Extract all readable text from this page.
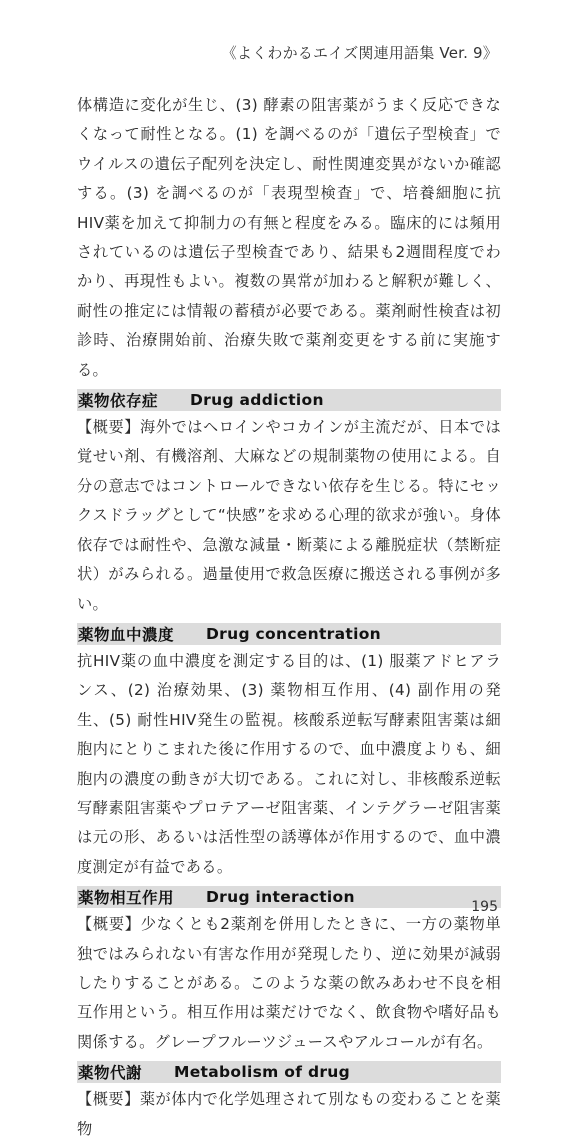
《よくわかるエイズ関連用語集 Ver. 9》

体構造に変化が生じ、(3) 酵素の阻害薬がうまく反応できなくなって耐性となる。(1) を調べるのが「遺伝子型検査」でウイルスの遺伝子配列を決定し、耐性関連変異がないか確認する。(3) を調べるのが「表現型検査」で、培養細胞に抗HIV薬を加えて抑制力の有無と程度をみる。臨床的には頻用されているのは遺伝子型検査であり、結果も2週間程度でわかり、再現性もよい。複数の異常が加わると解釈が難しく、耐性の推定には情報の蓄積が必要である。薬剤耐性検査は初診時、治療開始前、治療失敗で薬剤変更をする前に実施する。

薬物依存症 Drug addiction

【概要】海外ではヘロインやコカインが主流だが、日本では覚せい剤、有機溶剤、大麻などの規制薬物の使用による。自分の意志ではコントロールできない依存を生じる。特にセックスドラッグとして“快感”を求める心理的欲求が強い。身体依存では耐性や、急激な減量・断薬による離脱症状（禁断症状）がみられる。過量使用で救急医療に搬送される事例が多い。

薬物血中濃度 Drug concentration

抗HIV薬の血中濃度を測定する目的は、(1) 服薬アドヒアランス、(2) 治療効果、(3) 薬物相互作用、(4) 副作用の発生、(5) 耐性HIV発生の監視。核酸系逆転写酵素阻害薬は細胞内にとりこまれた後に作用するので、血中濃度よりも、細胞内の濃度の動きが大切である。これに対し、非核酸系逆転写酵素阻害薬やプロテアーゼ阻害薬、インテグラーゼ阻害薬は元の形、あるいは活性型の誘導体が作用するので、血中濃度測定が有益である。

薬物相互作用 Drug interaction

【概要】少なくとも2薬剤を併用したときに、一方の薬物単独ではみられない有害な作用が発現したり、逆に効果が減弱したりすることがある。このような薬の飲みあわせ不良を相互作用という。相互作用は薬だけでなく、飲食物や嗜好品も関係する。グレープフルーツジュースやアルコールが有名。

薬物代謝 Metabolism of drug

【概要】薬が体内で化学処理されて別なもの変わることを薬物

195
